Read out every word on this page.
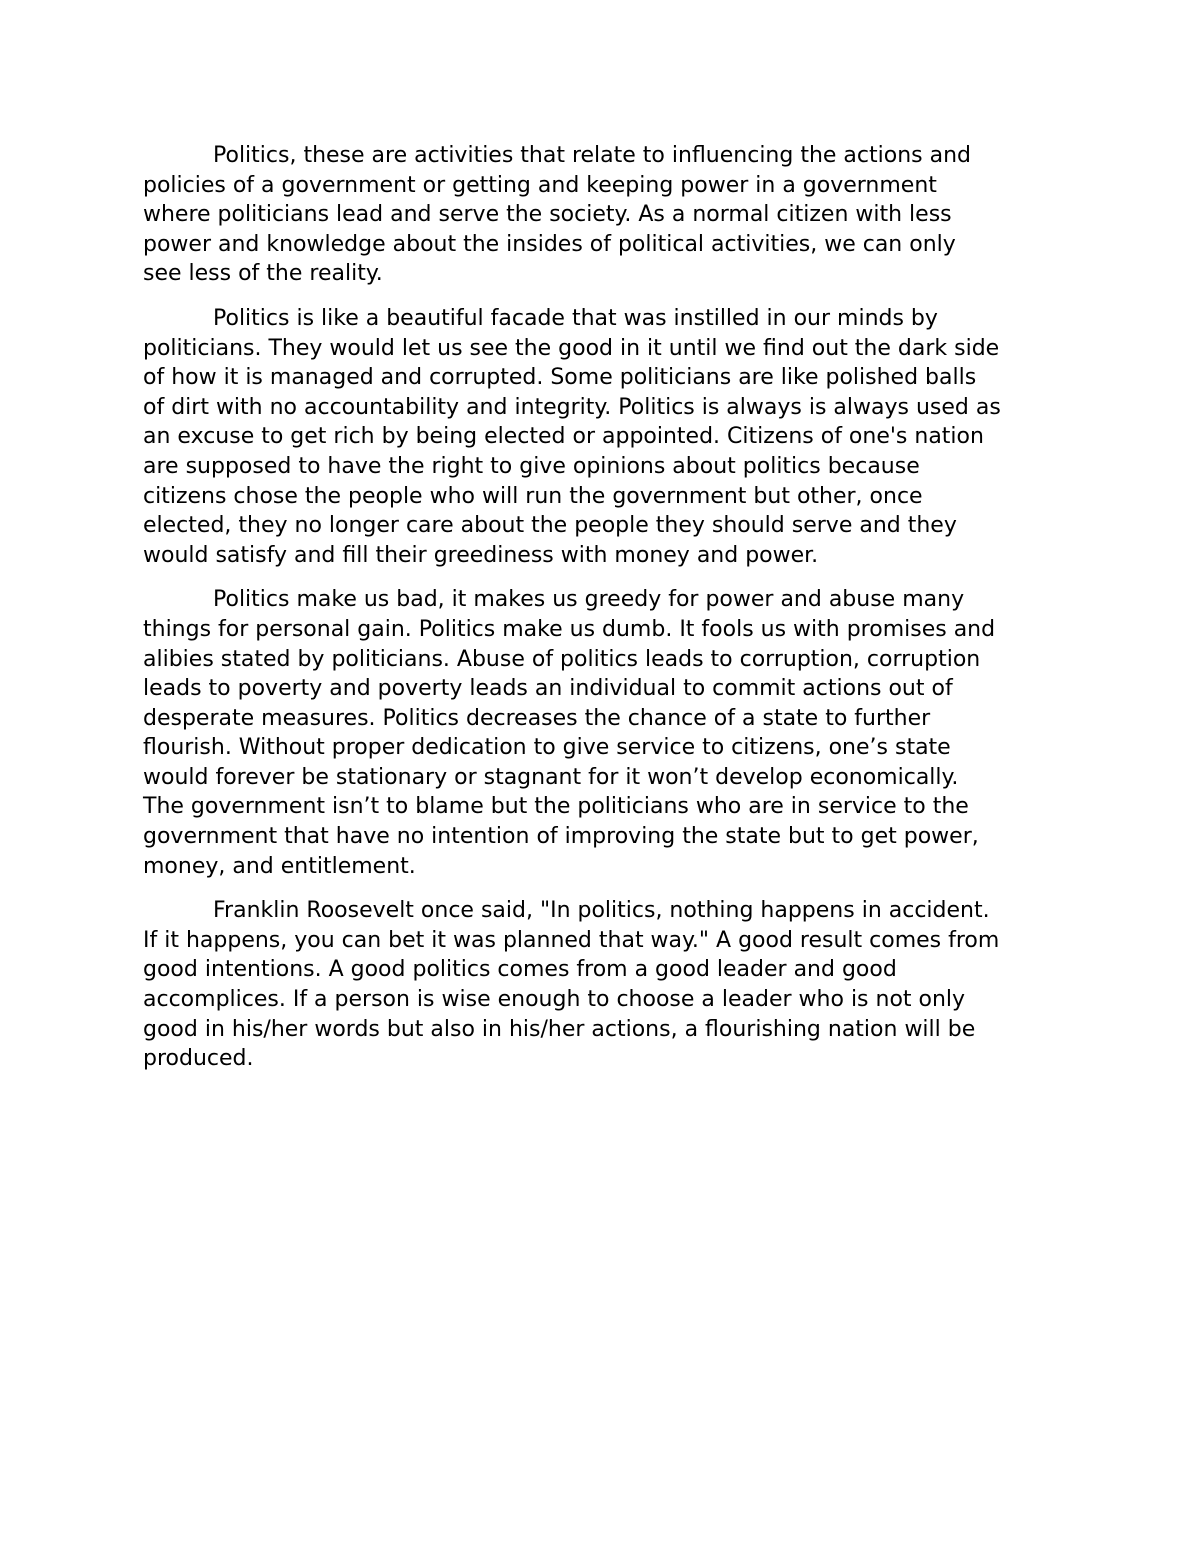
Politics, these are activities that relate to influencing the actions and
policies of a government or getting and keeping power in a government
where politicians lead and serve the society. As a normal citizen with less
power and knowledge about the insides of political activities, we can only
see less of the reality.

Politics is like a beautiful facade that was instilled in our minds by
politicians. They would let us see the good in it until we find out the dark side
of how it is managed and corrupted. Some politicians are like polished balls
of dirt with no accountability and integrity. Politics is always is always used as
an excuse to get rich by being elected or appointed. Citizens of one's nation
are supposed to have the right to give opinions about politics because
citizens chose the people who will run the government but other, once
elected, they no longer care about the people they should serve and they
would satisfy and fill their greediness with money and power.

Politics make us bad, it makes us greedy for power and abuse many
things for personal gain. Politics make us dumb. It fools us with promises and
alibies stated by politicians. Abuse of politics leads to corruption, corruption
leads to poverty and poverty leads an individual to commit actions out of
desperate measures. Politics decreases the chance of a state to further
flourish. Without proper dedication to give service to citizens, one’s state
would forever be stationary or stagnant for it won’t develop economically.
The government isn’t to blame but the politicians who are in service to the
government that have no intention of improving the state but to get power,
money, and entitlement.

Franklin Roosevelt once said, "In politics, nothing happens in accident.
If it happens, you can bet it was planned that way." A good result comes from
good intentions. A good politics comes from a good leader and good
accomplices. If a person is wise enough to choose a leader who is not only
good in his/her words but also in his/her actions, a flourishing nation will be
produced.
